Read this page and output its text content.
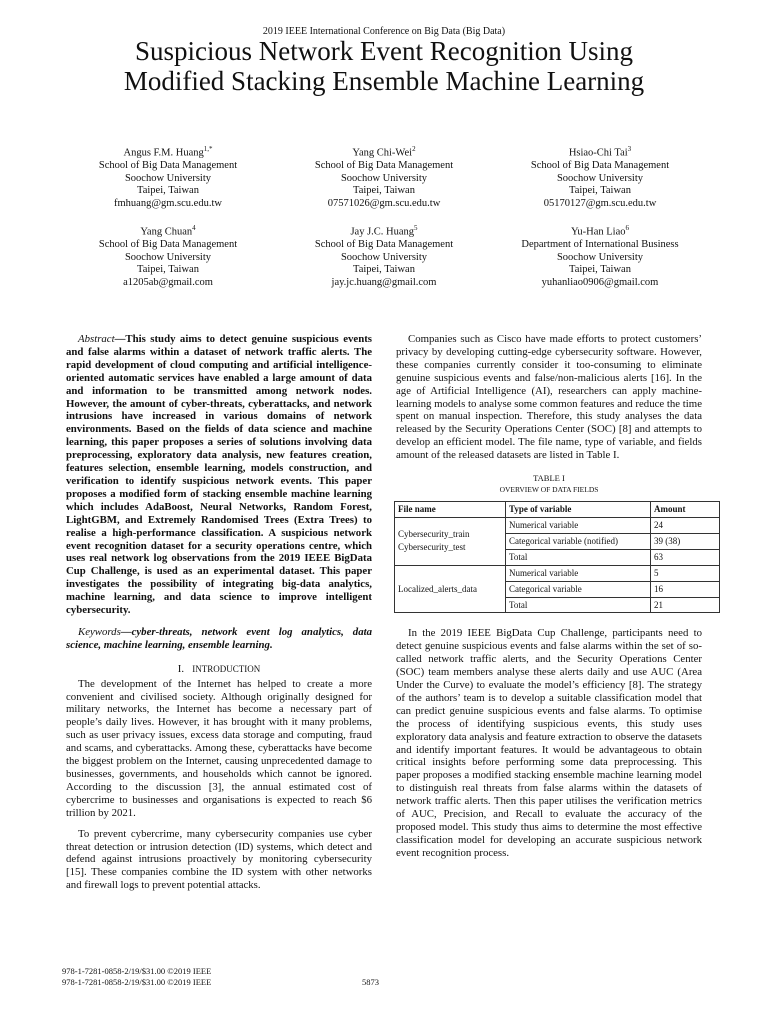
2019 IEEE International Conference on Big Data (Big Data)
Suspicious Network Event Recognition Using
Modified Stacking Ensemble Machine Learning
Angus F.M. Huang$^{1,*}$
School of Big Data Management
Soochow University
Taipei, Taiwan
fmhuang@gm.scu.edu.tw
Yang Chi-Wei$^2$
School of Big Data Management
Soochow University
Taipei, Taiwan
07571026@gm.scu.edu.tw
Hsiao-Chi Tai$^3$
School of Big Data Management
Soochow University
Taipei, Taiwan
05170127@gm.scu.edu.tw
Yang Chuan$^4$
School of Big Data Management
Soochow University
Taipei, Taiwan
a1205ab@gmail.com
Jay J.C. Huang$^5$
School of Big Data Management
Soochow University
Taipei, Taiwan
jay.jc.huang@gmail.com
Yu-Han Liao$^6$
Department of International Business
Soochow University
Taipei, Taiwan
yuhanliao0906@gmail.com

Abstract—This study aims to detect genuine suspicious events and false alarms within a dataset of network traffic alerts. The rapid development of cloud computing and artificial intelligence-oriented automatic services have enabled a large amount of data and information to be transmitted among network nodes. However, the amount of cyber-threats, cyberattacks, and network intrusions have increased in various domains of network environments. Based on the fields of data science and machine learning, this paper proposes a series of solutions involving data preprocessing, exploratory data analysis, new features creation, features selection, ensemble learning, models construction, and verification to identify suspicious network events. This paper proposes a modified form of stacking ensemble machine learning which includes AdaBoost, Neural Networks, Random Forest, LightGBM, and Extremely Randomised Trees (Extra Trees) to realise a high-performance classification. A suspicious network event recognition dataset for a security operations centre, which uses real network log observations from the 2019 IEEE BigData Cup Challenge, is used as an experimental dataset. This paper investigates the possibility of integrating big-data analytics, machine learning, and data science to improve intelligent cybersecurity.

Keywords—cyber-threats, network event log analytics, data science, machine learning, ensemble learning.

I. INTRODUCTION

The development of the Internet has helped to create a more convenient and civilised society. Although originally designed for military networks, the Internet has become a necessary part of people’s daily lives. However, it has brought with it many problems, such as user privacy issues, excess data storage and computing, fraud and scams, and cyberattacks. Among these, cyberattacks have become the biggest problem on the Internet, causing unprecedented damage to businesses, governments, and households which cannot be ignored. According to the discussion [3], the annual estimated cost of cybercrime to businesses and organisations is expected to reach $6 trillion by 2021.

To prevent cybercrime, many cybersecurity companies use cyber threat detection or intrusion detection (ID) systems, which detect and defend against intrusions proactively by monitoring cybersecurity [15]. These companies combine the ID system with other networks and firewall logs to prevent potential attacks.

Companies such as Cisco have made efforts to protect customers’ privacy by developing cutting-edge cybersecurity software. However, these companies currently consider it too-consuming to eliminate genuine suspicious events and false/non-malicious alerts [16]. In the age of Artificial Intelligence (AI), researchers can apply machine-learning models to analyse some common features and reduce the time spent on manual inspection. Therefore, this study analyses the data released by the Security Operations Center (SOC) [8] and attempts to develop an efficient model. The file name, type of variable, and fields amount of the released datasets are listed in Table I.

TABLE I
OVERVIEW OF DATA FIELDS
File name	Type of variable	Amount

Cybersecurity_train
Cybersecurity_test	Numerical variable	24
	Categorical variable (notified)	39 (38)
	Total	63
Localized_alerts_data	Numerical variable	5
	Categorical variable	16
	Total	21

In the 2019 IEEE BigData Cup Challenge, participants need to detect genuine suspicious events and false alarms within the set of so-called network traffic alerts, and the Security Operations Center (SOC) team members analyse these alerts daily and use AUC (Area Under the Curve) to evaluate the model’s efficiency [8]. The strategy of the authors’ team is to develop a suitable classification model that can predict genuine suspicious events and false alarms. To optimise the process of identifying suspicious events, this study uses exploratory data analysis and feature extraction to observe the datasets and identify important features. It would be advantageous to obtain critical insights before performing some data preprocessing. This paper proposes a modified stacking ensemble machine learning model to distinguish real threats from false alarms within the datasets of network traffic alerts. Then this paper utilises the verification metrics of AUC, Precision, and Recall to evaluate the accuracy of the proposed model. This study thus aims to determine the most effective classification model for developing an accurate suspicious network event recognition process.

978-1-7281-0858-2/19/$31.00 ©2019 IEEE
978-1-7281-0858-2/19/$31.00 ©2019 IEEE	5873
